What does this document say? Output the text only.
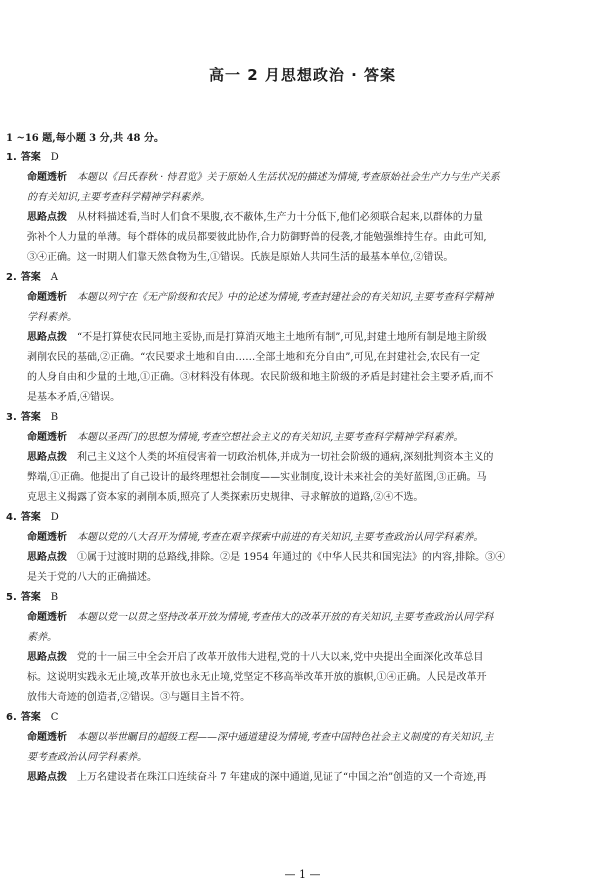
高一 2 月思想政治 · 答案

1 ~16 题,每小题 3 分,共 48 分。

1. 答案 D

命题透析 本题以《吕氏春秋 · 恃君览》关于原始人生活状况的描述为情境,考查原始社会生产力与生产关系

的有关知识,主要考查科学精神学科素养。

思路点拨 从材料描述看,当时人们食不果腹,衣不蔽体,生产力十分低下,他们必须联合起来,以群体的力量

弥补个人力量的单薄。每个群体的成员都要彼此协作,合力防御野兽的侵袭,才能勉强维持生存。由此可知,

③④正确。这一时期人们靠天然食物为生,①错误。氏族是原始人共同生活的最基本单位,②错误。

2. 答案 A

命题透析 本题以列宁在《无产阶级和农民》中的论述为情境,考查封建社会的有关知识,主要考查科学精神

学科素养。

思路点拨 “不是打算使农民同地主妥协,而是打算消灭地主土地所有制”,可见,封建土地所有制是地主阶级

剥削农民的基础,②正确。“农民要求土地和自由……全部土地和充分自由”,可见,在封建社会,农民有一定

的人身自由和少量的土地,①正确。③材料没有体现。农民阶级和地主阶级的矛盾是封建社会主要矛盾,而不

是基本矛盾,④错误。

3. 答案 B

命题透析 本题以圣西门的思想为情境,考查空想社会主义的有关知识,主要考查科学精神学科素养。

思路点拨 利己主义这个人类的坏疽侵害着一切政治机体,并成为一切社会阶级的通病,深刻批判资本主义的

弊端,①正确。他提出了自己设计的最终理想社会制度——实业制度,设计未来社会的美好蓝图,③正确。马

克思主义揭露了资本家的剥削本质,照亮了人类探索历史规律、寻求解放的道路,②④不选。

4. 答案 D

命题透析 本题以党的八大召开为情境,考查在艰辛探索中前进的有关知识,主要考查政治认同学科素养。

思路点拨 ①属于过渡时期的总路线,排除。②是 1954 年通过的《中华人民共和国宪法》的内容,排除。③④

是关于党的八大的正确描述。

5. 答案 B

命题透析 本题以党一以贯之坚持改革开放为情境,考查伟大的改革开放的有关知识,主要考查政治认同学科

素养。

思路点拨 党的十一届三中全会开启了改革开放伟大进程,党的十八大以来,党中央提出全面深化改革总目

标。这说明实践永无止境,改革开放也永无止境,党坚定不移高举改革开放的旗帜,①④正确。人民是改革开

放伟大奇迹的创造者,②错误。③与题目主旨不符。

6. 答案 C

命题透析 本题以举世瞩目的超级工程——深中通道建设为情境,考查中国特色社会主义制度的有关知识,主

要考查政治认同学科素养。

思路点拨 上万名建设者在珠江口连续奋斗 7 年建成的深中通道,见证了“中国之治”创造的又一个奇迹,再

— 1 —
